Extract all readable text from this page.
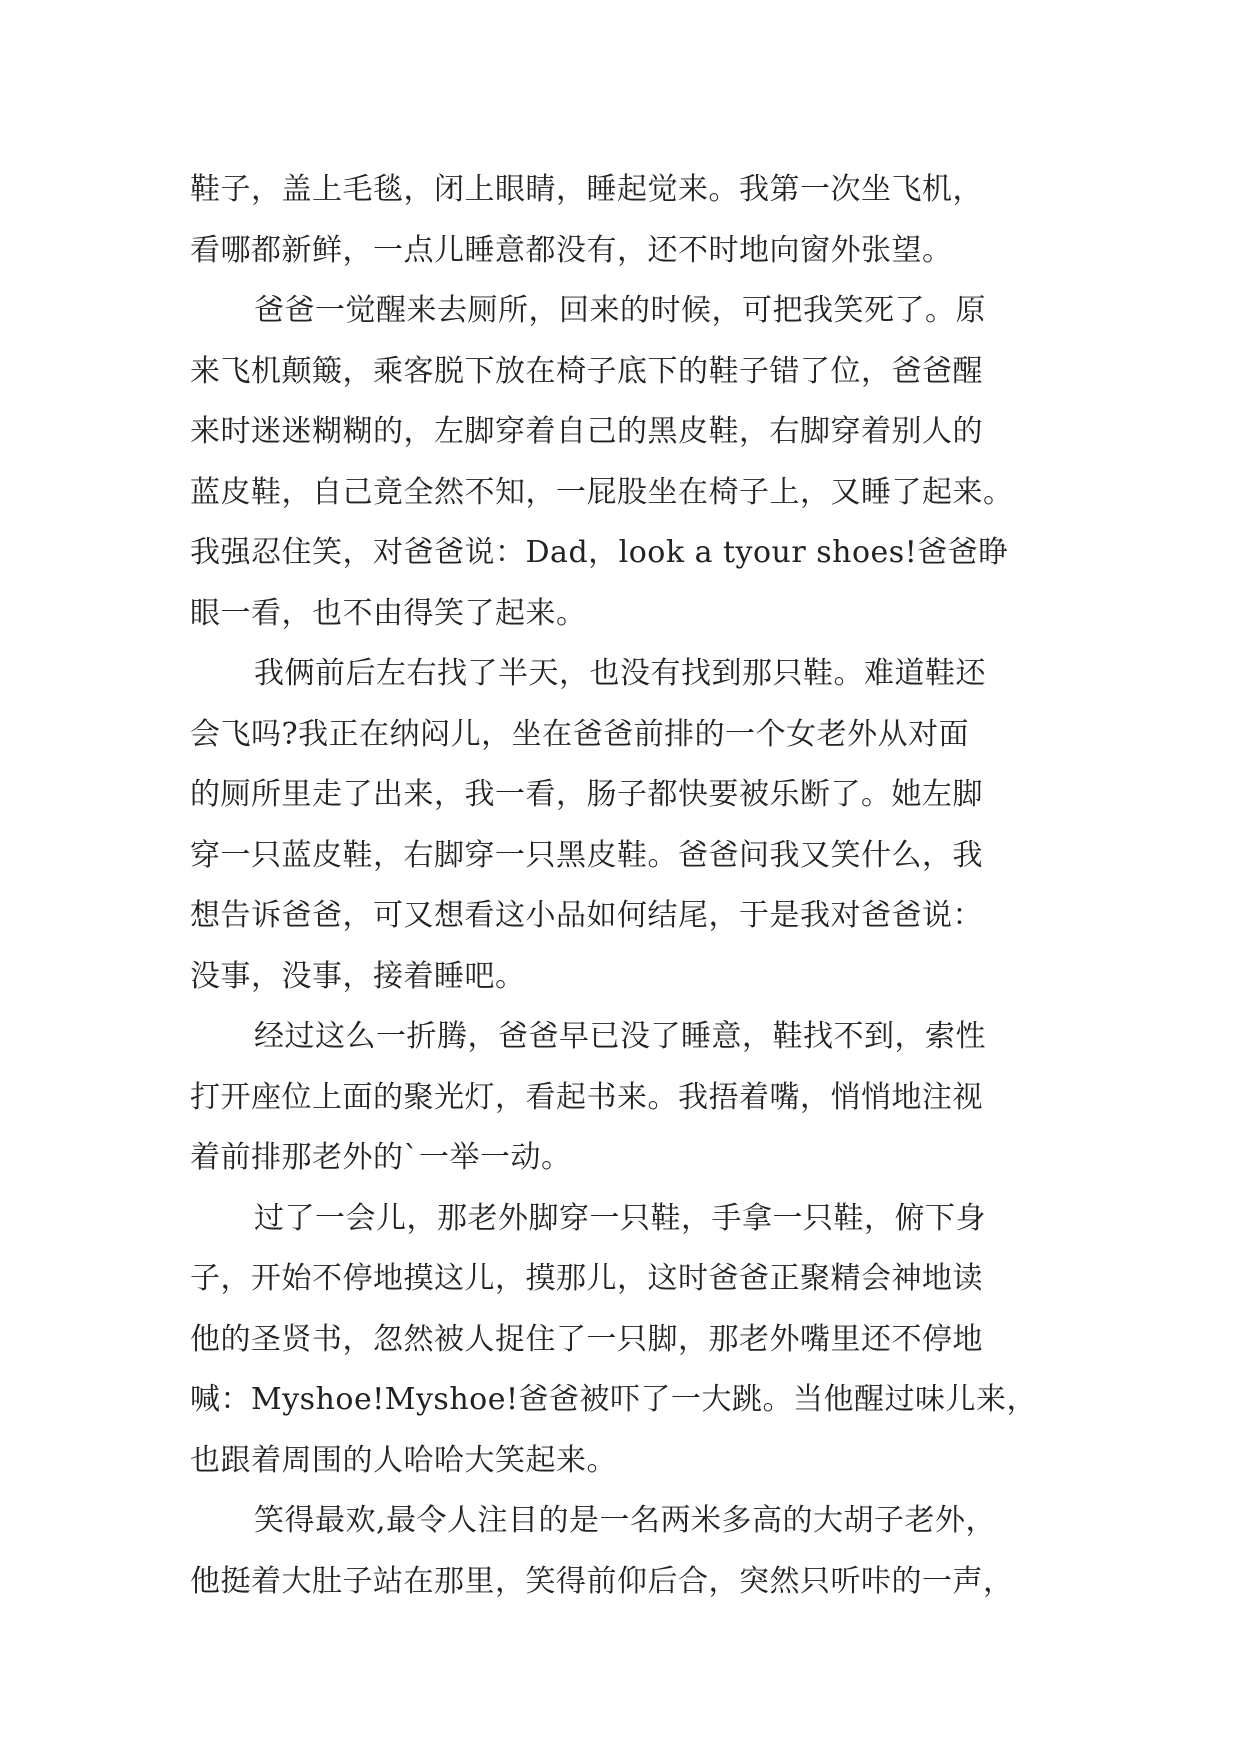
鞋子，盖上毛毯，闭上眼睛，睡起觉来。我第一次坐飞机，
看哪都新鲜，一点儿睡意都没有，还不时地向窗外张望。
爸爸一觉醒来去厕所，回来的时候，可把我笑死了。原
来飞机颠簸，乘客脱下放在椅子底下的鞋子错了位，爸爸醒
来时迷迷糊糊的，左脚穿着自己的黑皮鞋，右脚穿着别人的
蓝皮鞋，自己竟全然不知，一屁股坐在椅子上，又睡了起来。
我强忍住笑，对爸爸说：Dad，look a tyour shoes!爸爸睁
眼一看，也不由得笑了起来。
我俩前后左右找了半天，也没有找到那只鞋。难道鞋还
会飞吗?我正在纳闷儿，坐在爸爸前排的一个女老外从对面
的厕所里走了出来，我一看，肠子都快要被乐断了。她左脚
穿一只蓝皮鞋，右脚穿一只黑皮鞋。爸爸问我又笑什么，我
想告诉爸爸，可又想看这小品如何结尾，于是我对爸爸说：
没事，没事，接着睡吧。
经过这么一折腾，爸爸早已没了睡意，鞋找不到，索性
打开座位上面的聚光灯，看起书来。我捂着嘴，悄悄地注视
着前排那老外的`一举一动。
过了一会儿，那老外脚穿一只鞋，手拿一只鞋，俯下身
子，开始不停地摸这儿，摸那儿，这时爸爸正聚精会神地读
他的圣贤书，忽然被人捉住了一只脚，那老外嘴里还不停地
喊：Myshoe!Myshoe!爸爸被吓了一大跳。当他醒过味儿来，
也跟着周围的人哈哈大笑起来。
笑得最欢,最令人注目的是一名两米多高的大胡子老外，
他挺着大肚子站在那里，笑得前仰后合，突然只听咔的一声，
